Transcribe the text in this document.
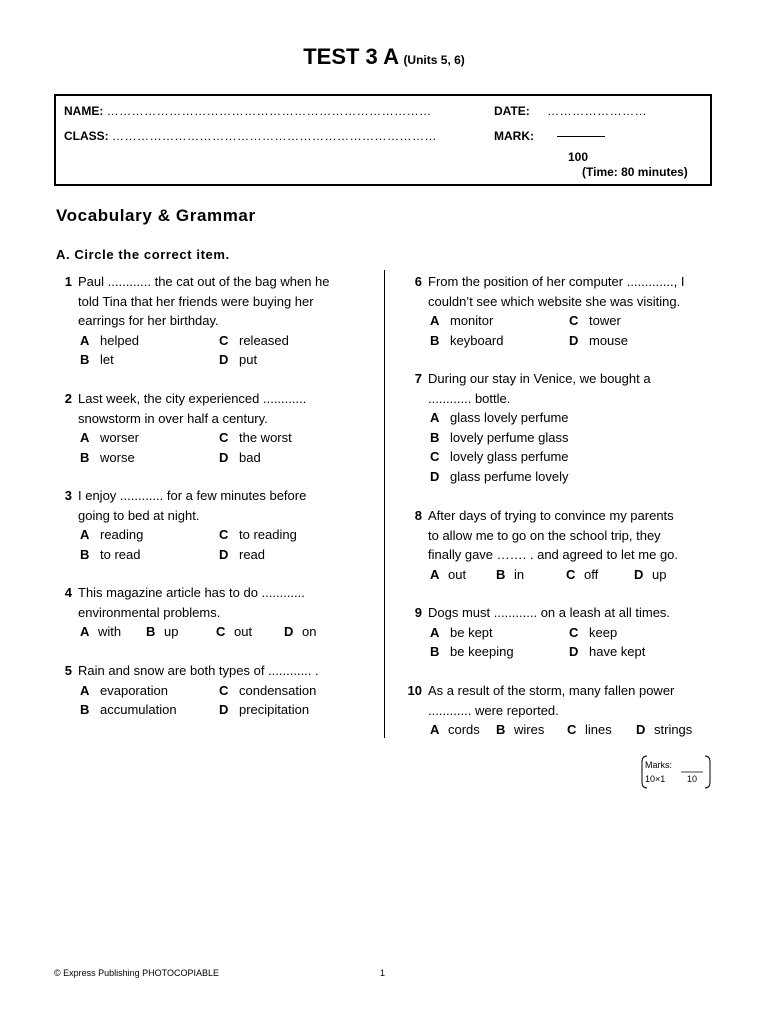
TEST 3 A (Units 5, 6)
NAME: ……………………………………………………………………	DATE: ……………………
CLASS: ……………………………………………………………………	MARK:
100
(Time: 80 minutes)
Vocabulary & Grammar
A. Circle the correct item.
1 Paul ............ the cat out of the bag when he
told Tina that her friends were buying her
earrings for her birthday.
A helped	C released
B let	D put
2 Last week, the city experienced ............
snowstorm in over half a century.
A worser	C the worst
B worse	D bad
3 I enjoy ............ for a few minutes before
going to bed at night.
A reading	C to reading
B to read	D read
4 This magazine article has to do ............
environmental problems.
A with B up	C out D on
5 Rain and snow are both types of ............ .
A evaporation	C condensation
B accumulation	D precipitation
6 From the position of her computer ............., I
couldn’t see which website she was visiting.
A monitor	C tower
B keyboard	D mouse
7 During our stay in Venice, we bought a
............ bottle.
A glass lovely perfume
B lovely perfume glass
C lovely glass perfume
D glass perfume lovely
8 After days of trying to convince my parents
to allow me to go on the school trip, they
finally gave ……. . and agreed to let me go.
A out B in	C off	D up
9 Dogs must ............ on a leash at all times.
A be kept	C keep
B be keeping	D have kept
10 As a result of the storm, many fallen power
............ were reported.
A cords B wires C lines D strings
Marks:
10×1 10
© Express Publishing PHOTOCOPIABLE	1
